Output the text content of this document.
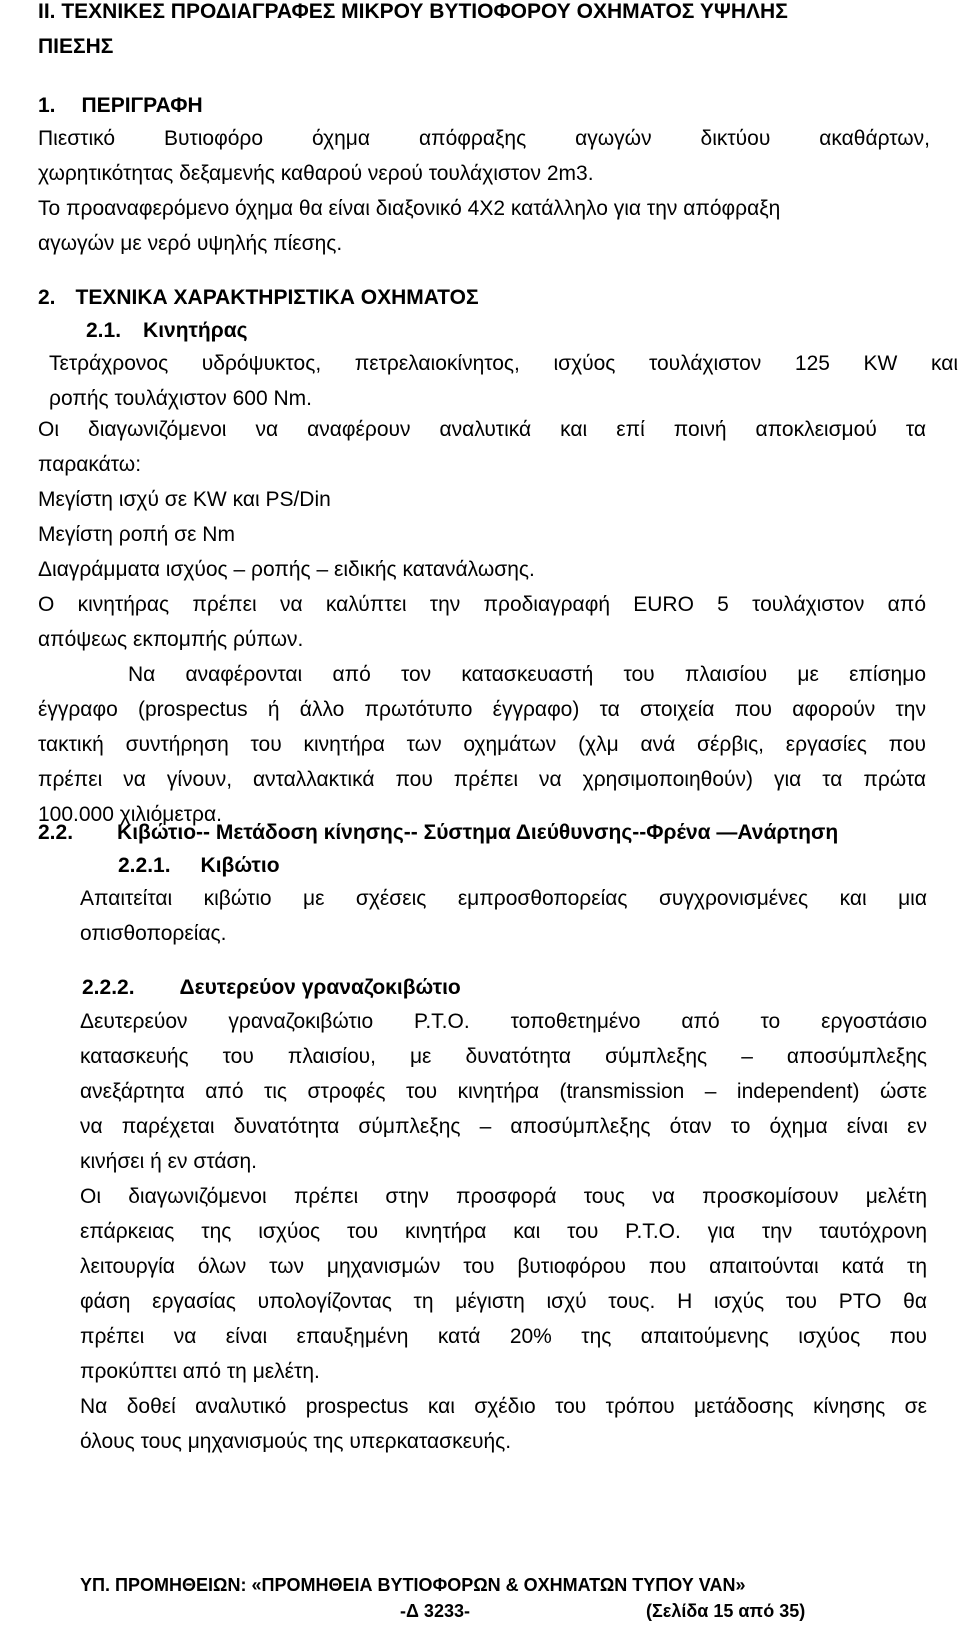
ΙΙ. ΤΕΧΝΙΚΕΣ ΠΡΟΔΙΑΓΡΑΦΕΣ ΜΙΚΡΟΥ ΒΥΤΙΟΦΟΡΟΥ ΟΧΗΜΑΤΟΣ ΥΨΗΛΗΣ
ΠΙΕΣΗΣ
1. ΠΕΡΙΓΡΑΦΗ
Πιεστικό Βυτιοφόρο όχημα απόφραξης αγωγών δικτύου ακαθάρτων,
χωρητικότητας δεξαμενής καθαρού νερού τουλάχιστον 2m3.
Το προαναφερόμενο όχημα θα είναι διαξονικό 4Χ2 κατάλληλο για την απόφραξη
αγωγών με νερό υψηλής πίεσης.
2. ΤΕΧΝΙΚΑ ΧΑΡΑΚΤΗΡΙΣΤΙΚΑ ΟΧΗΜΑΤΟΣ
2.1. Κινητήρας
Τετράχρονος υδρόψυκτος, πετρελαιοκίνητος, ισχύος τουλάχιστον 125 KW και
ροπής τουλάχιστον 600 Nm.
Οι διαγωνιζόμενοι να αναφέρουν αναλυτικά και επί ποινή αποκλεισμού τα
παρακάτω:
Μεγίστη ισχύ σε KW και PS/Din
Μεγίστη ροπή σε Nm
Διαγράμματα ισχύος – ροπής – ειδικής κατανάλωσης.
Ο κινητήρας πρέπει να καλύπτει την προδιαγραφή EURO 5 τουλάχιστον από
απόψεως εκπομπής ρύπων.
Να αναφέρονται από τον κατασκευαστή του πλαισίου με επίσημο
έγγραφο (prospectus ή άλλο πρωτότυπο έγγραφο) τα στοιχεία που αφορούν την
τακτική συντήρηση του κινητήρα των οχημάτων (χλμ ανά σέρβις, εργασίες που
πρέπει να γίνουν, ανταλλακτικά που πρέπει να χρησιμοποιηθούν) για τα πρώτα
100.000 χιλιόμετρα.
2.2. Κιβώτιο-- Μετάδοση κίνησης-- Σύστημα Διεύθυνσης--Φρένα —Ανάρτηση
2.2.1. Κιβώτιο
Απαιτείται κιβώτιο με σχέσεις εμπροσθοπορείας συγχρονισμένες και μια
οπισθοπορείας.
2.2.2. Δευτερεύον γραναζοκιβώτιο
Δευτερεύον γραναζοκιβώτιο Ρ.Τ.Ο. τοποθετημένο από το εργοστάσιο
κατασκευής του πλαισίου, με δυνατότητα σύμπλεξης – αποσύμπλεξης
ανεξάρτητα από τις στροφές του κινητήρα (transmission – independent) ώστε
να παρέχεται δυνατότητα σύμπλεξης – αποσύμπλεξης όταν το όχημα είναι εν
κινήσει ή εν στάση.
Οι διαγωνιζόμενοι πρέπει στην προσφορά τους να προσκομίσουν μελέτη
επάρκειας της ισχύος του κινητήρα και του Ρ.Τ.Ο. για την ταυτόχρονη
λειτουργία όλων των μηχανισμών του βυτιοφόρου που απαιτούνται κατά τη
φάση εργασίας υπολογίζοντας τη μέγιστη ισχύ τους. Η ισχύς του PTO θα
πρέπει να είναι επαυξημένη κατά 20% της απαιτούμενης ισχύος που
προκύπτει από τη μελέτη.
Να δοθεί αναλυτικό prospectus και σχέδιο του τρόπου μετάδοσης κίνησης σε
όλους τους μηχανισμούς της υπερκατασκευής.
ΥΠ. ΠΡΟΜΗΘΕΙΩΝ: «ΠΡΟΜΗΘΕΙΑ ΒΥΤΙΟΦΟΡΩΝ & ΟΧΗΜΑΤΩΝ ΤΥΠΟΥ VAN»
-Δ 3233-	(Σελίδα 15 από 35)
